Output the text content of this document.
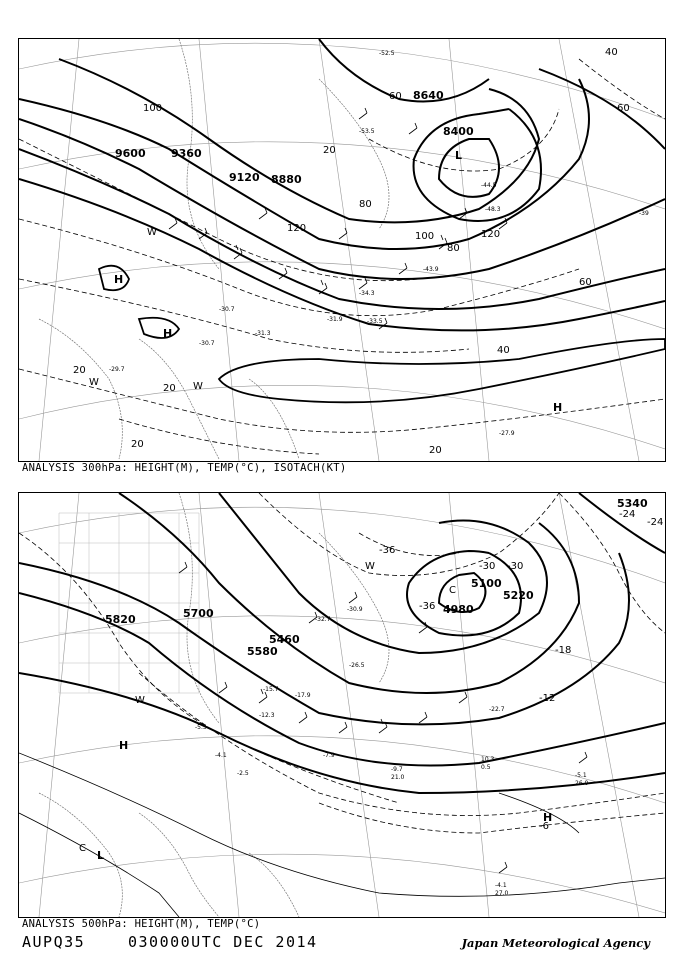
9600 9360
9120 8880
8640
8400
100
120
60
80
40
20
20
20
20
60
40
60
80
100	120
20
H
H
H
L
W
W	W
-31.9	-33.5
-34.3
-31.3
-30.7
-29.7
-30.7
-27.9
-39
-43.9
-44.5
-48.3
-53.5
-52.5
ANALYSIS 300hPa: HEIGHT(M), TEMP(°C), ISOTACH(KT)
5820	5700
5580
5460
5340
5220
5100
4980
-24
-24
-30
-36
-18
-12
-6
-30
-36
H
H
L
C
W
W
C
-32.7
-30.9
-26.5
-22.7
-17.9
-15.7
-12.3
-7.9
-5.5
-4.1
-2.5	-5.1
-4.1
27.0
26.0
10.3
0.5
21.0
-9.7
ANALYSIS 500hPa: HEIGHT(M), TEMP(°C)
AUPQ35	030000UTC DEC 2014	Japan Meteorological Agency
